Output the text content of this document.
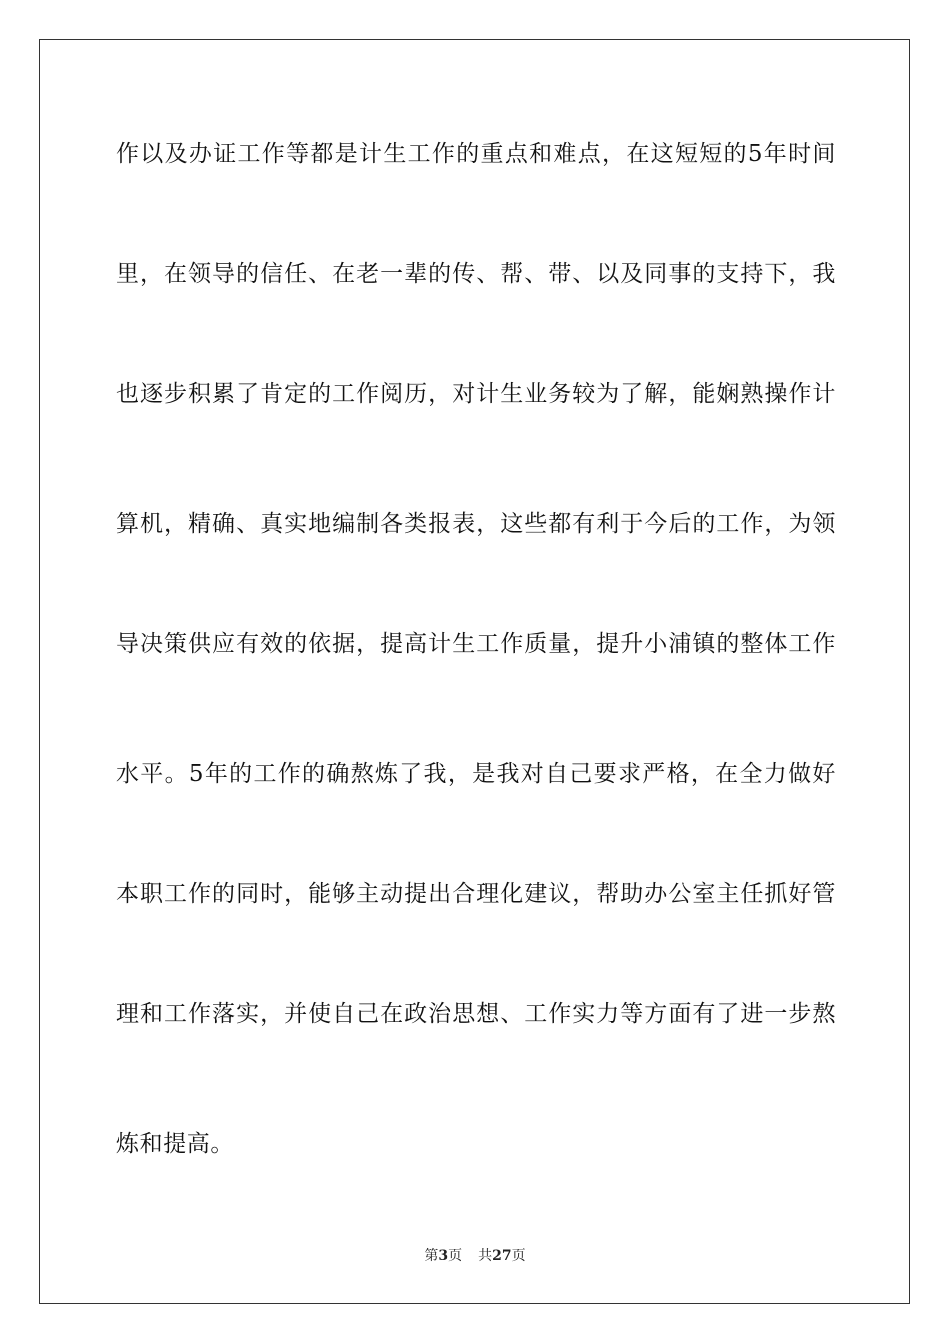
作以及办证工作等都是计生工作的重点和难点，在这短短的5年时间
里，在领导的信任、在老一辈的传、帮、带、以及同事的支持下，我
也逐步积累了肯定的工作阅历，对计生业务较为了解，能娴熟操作计
算机，精确、真实地编制各类报表，这些都有利于今后的工作，为领
导决策供应有效的依据，提高计生工作质量，提升小浦镇的整体工作
水平。5年的工作的确熬炼了我，是我对自己要求严格，在全力做好
本职工作的同时，能够主动提出合理化建议，帮助办公室主任抓好管
理和工作落实，并使自己在政治思想、工作实力等方面有了进一步熬
炼和提高。
第3页 共27页
